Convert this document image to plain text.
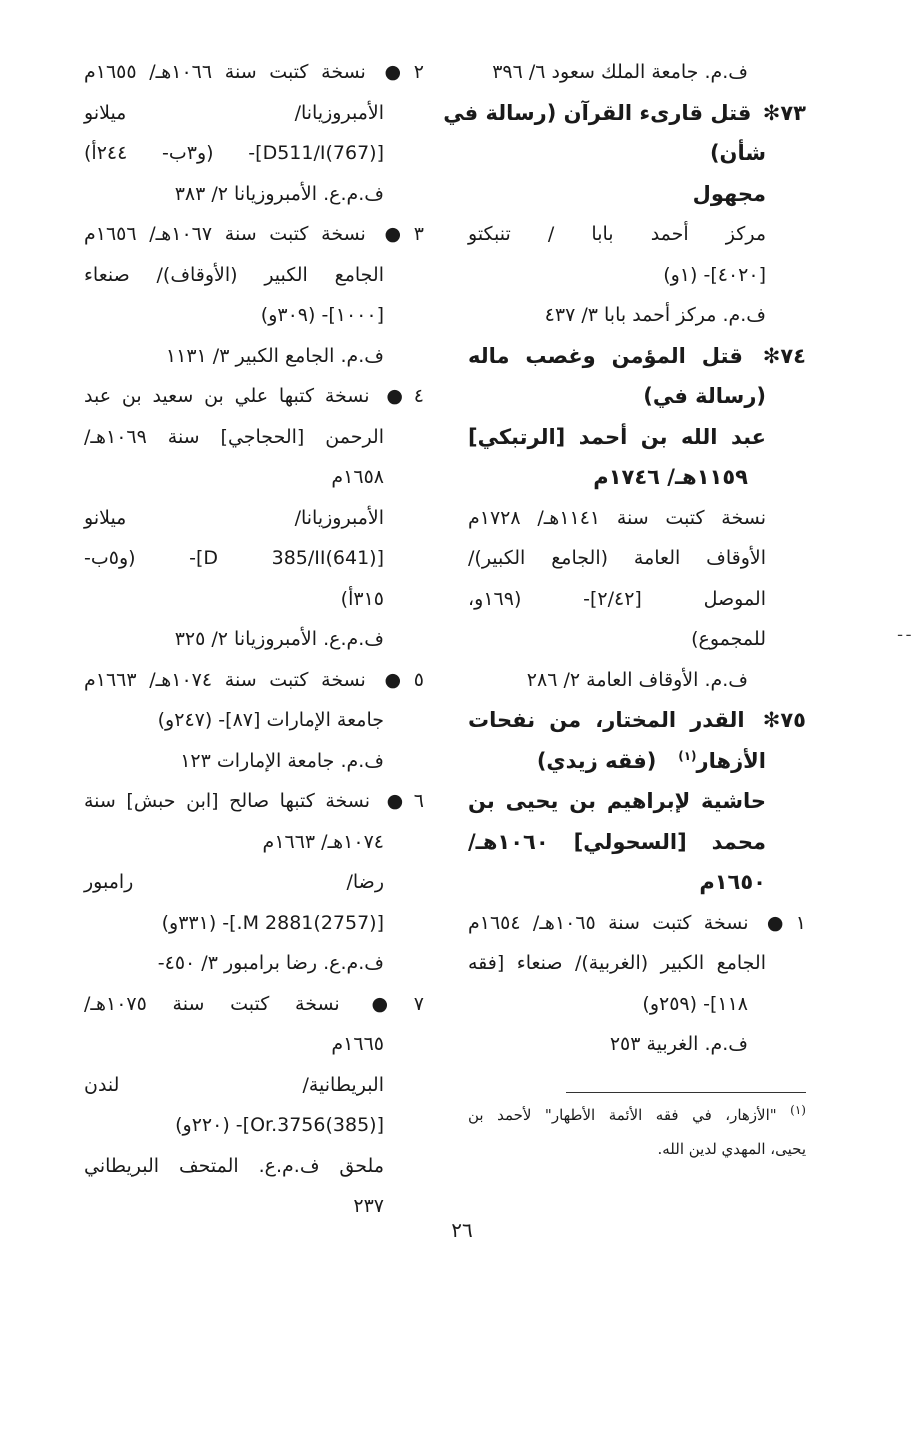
ف.م. جامعة الملك سعود ٦/ ٣٩٦
٧٣✻ قتل قارىء القرآن (رسالة في
شأن)
مجهول
مركز أحمد بابا / تنبكتو
[٤٠٢٠]- (١و)
ف.م. مركز أحمد بابا ٣/ ٤٣٧
٧٤✻ قتل المؤمن وغصب ماله
(رسالة في)
عبد الله بن أحمد [الرتبكي]
١١٥٩هـ/ ١٧٤٦م
نسخة كتبت سنة ١١٤١هـ/ ١٧٢٨م
الأوقاف العامة (الجامع الكبير)/
الموصل [٢/٤٢]- (١٦٩و،
للمجموع)
ف.م. الأوقاف العامة ٢/ ٢٨٦
٧٥✻ القدر المختار، من نفحات
الأزهار$^{(١)}$   (فقه زيدي)
حاشية لإبراهيم بن يحيى بن
محمد [السحولي] ١٠٦٠هـ/
١٦٥٠م
١ ● نسخة كتبت سنة ١٠٦٥هـ/ ١٦٥٤م
الجامع الكبير (الغربية)/ صنعاء [فقه
١١٨]- (٢٥٩و)
ف.م. الغربية ٢٥٣
٢ ● نسخة كتبت سنة ١٠٦٦هـ/ ١٦٥٥م
الأمبروزيانا/ ميلانو
[(767)D511/I]- (و٣ب- ٢٤٤أ)
ف.م.ع. الأمبروزيانا ٢/ ٣٨٣
٣ ● نسخة كتبت سنة ١٠٦٧هـ/ ١٦٥٦م
الجامع الكبير (الأوقاف)/ صنعاء
[١٠٠٠]- (٣٠٩و)
ف.م. الجامع الكبير ٣/ ١١٣١
٤ ● نسخة كتبها علي بن سعيد بن عبد
الرحمن [الحجاجي] سنة ١٠٦٩هـ/
١٦٥٨م
الأمبروزيانا/ ميلانو
[(641)D 385/II]- (و٥ب-
٣١٥أ)
ف.م.ع. الأمبروزيانا ٢/ ٣٢٥
٥ ● نسخة كتبت سنة ١٠٧٤هـ/ ١٦٦٣م
جامعة الإمارات [٨٧]- (٢٤٧و)
ف.م. جامعة الإمارات ١٢٣
٦ ● نسخة كتبها صالح [ابن حبش] سنة
١٠٧٤هـ/ ١٦٦٣م
رضا/ رامبور
[(2757)2881 M.]- (٣٣١و)
ف.م.ع. رضا برامبور ٣/ ٤٥٠-
٧ ● نسخة كتبت سنة ١٠٧٥هـ/
١٦٦٥م
البريطانية/ لندن
[(385)Or.3756]- (٢٢٠و)
ملحق ف.م.ع. المتحف البريطاني
٢٣٧
$^{(١)}$ "الأزهار، في فقه الأئمة الأطهار" لأحمد بن
يحيى، المهدي لدين الله.
٢٦
ـ ـ
